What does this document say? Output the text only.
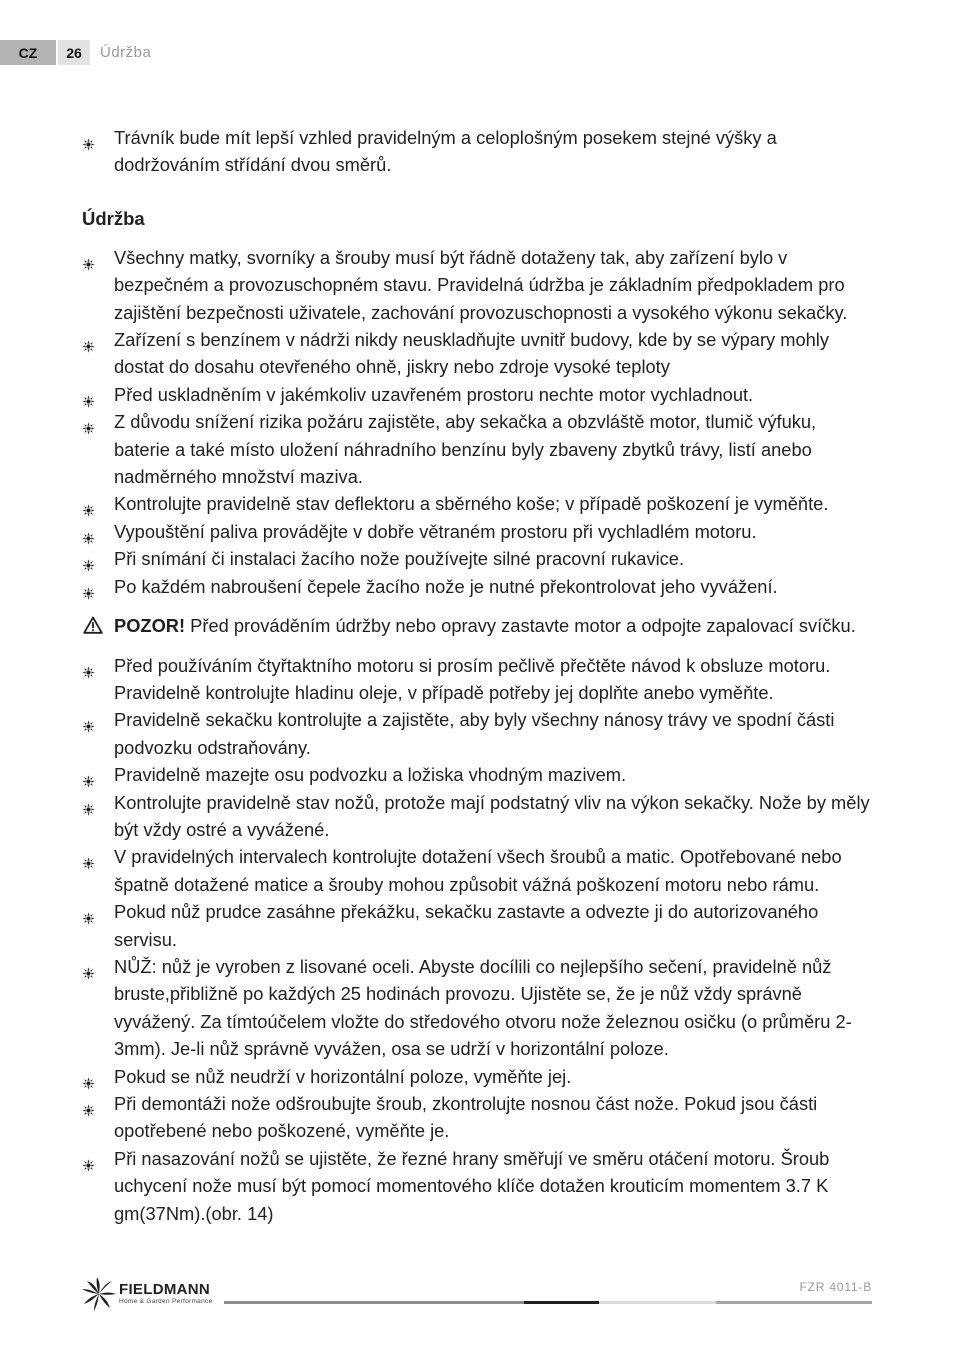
CZ	26	Údržba
Trávník bude mít lepší vzhled pravidelným a celoplošným posekem stejné výšky a dodržováním střídání dvou směrů.
Údržba
Všechny matky, svorníky a šrouby musí být řádně dotaženy tak, aby zařízení bylo v bezpečném a provozuschopném stavu. Pravidelná údržba je základním předpokladem pro zajištění bezpečnosti uživatele, zachování provozuschopnosti a vysokého výkonu sekačky.
Zařízení s benzínem v nádrži nikdy neuskladňujte uvnitř budovy, kde by se výpary mohly dostat do dosahu otevřeného ohně, jiskry nebo zdroje vysoké teploty
Před uskladněním v jakémkoliv uzavřeném prostoru nechte motor vychladnout.
Z důvodu snížení rizika požáru zajistěte, aby sekačka a obzvláště motor, tlumič výfuku, baterie a také místo uložení náhradního benzínu byly zbaveny zbytků trávy, listí anebo nadměrného množství maziva.
Kontrolujte pravidelně stav deflektoru a sběrného koše; v případě poškození je vyměňte.
Vypouštění paliva provádějte v dobře větraném prostoru při vychladlém motoru.
Při snímání či instalaci žacího nože používejte silné pracovní rukavice.
Po každém nabroušení čepele žacího nože je nutné překontrolovat jeho vyvážení.
POZOR! Před prováděním údržby nebo opravy zastavte motor a odpojte zapalovací svíčku.
Před používáním čtyřtaktního motoru si prosím pečlivě přečtěte návod k obsluze motoru. Pravidelně kontrolujte hladinu oleje, v případě potřeby jej doplňte anebo vyměňte.
Pravidelně sekačku kontrolujte a zajistěte, aby byly všechny nánosy trávy ve spodní části podvozku odstraňovány.
Pravidelně mazejte osu podvozku a ložiska vhodným mazivem.
Kontrolujte pravidelně stav nožů, protože mají podstatný vliv na výkon sekačky. Nože by měly být vždy ostré a vyvážené.
V pravidelných intervalech kontrolujte dotažení všech šroubů a matic. Opotřebované nebo špatně dotažené matice a šrouby mohou způsobit vážná poškození motoru nebo rámu.
Pokud nůž prudce zasáhne překážku, sekačku zastavte a odvezte ji do autorizovaného servisu.
NŮŽ: nůž je vyroben z lisované oceli. Abyste docílili co nejlepšího sečení, pravidelně nůž bruste,přibližně po každých 25 hodinách provozu. Ujistěte se, že je nůž vždy správně vyvážený. Za tímtoúčelem vložte do středového otvoru nože železnou osičku (o průměru 2-3mm). Je-li nůž správně vyvážen, osa se udrží v horizontální poloze.
Pokud se nůž neudrží v horizontální poloze, vyměňte jej.
Při demontáži nože odšroubujte šroub, zkontrolujte nosnou část nože. Pokud jsou části opotřebené nebo poškozené, vyměňte je.
Při nasazování nožů se ujistěte, že řezné hrany směřují ve směru otáčení motoru. Šroub uchycení nože musí být pomocí momentového klíče dotažen krouticím momentem 3.7 K gm(37Nm).(obr. 14)
FIELDMANN
Home & Garden Performance
FZR 4011-B
